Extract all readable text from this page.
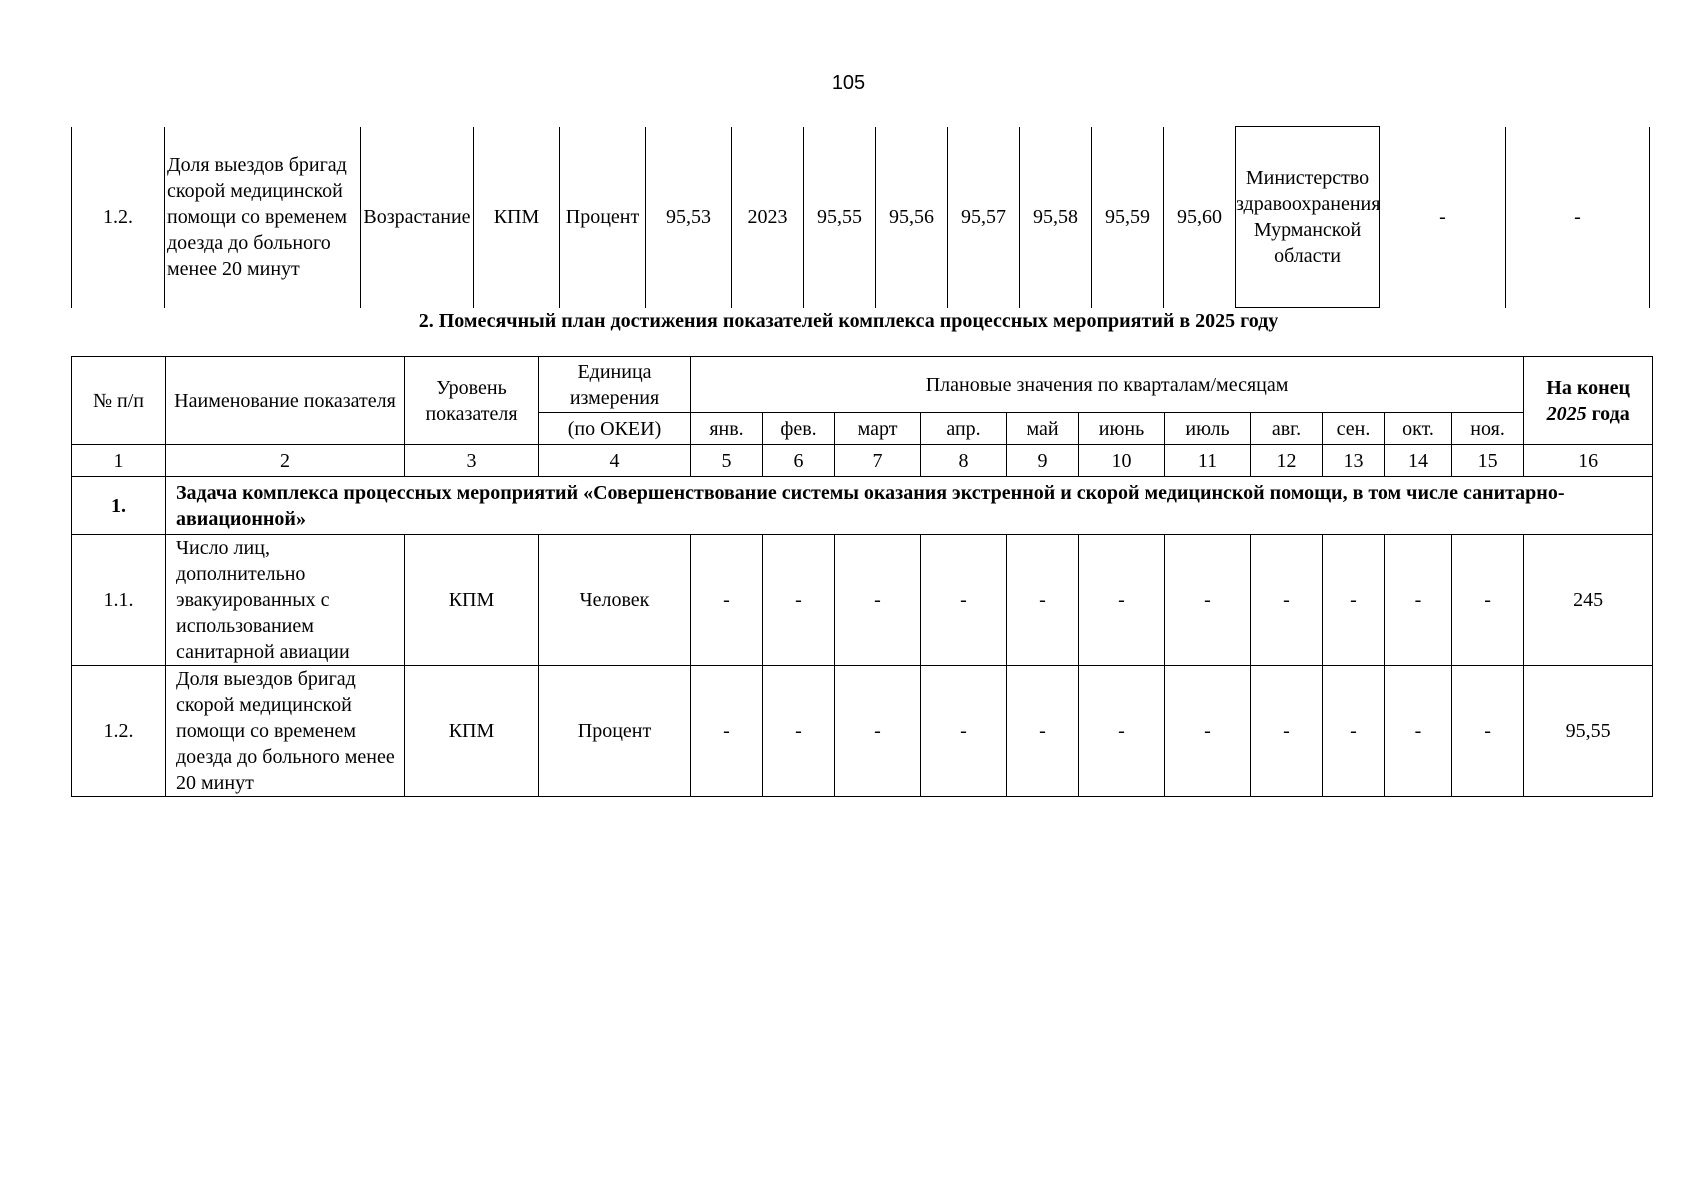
105
1.2.	Доля выездов бригад скорой медицинской помощи со временем доезда до больного менее 20 минут	Возрастание	КПМ	Процент	95,53	2023	95,55	95,56	95,57	95,58	95,59	95,60	Министерство здравоохранения Мурманской области	-	-
2. Помесячный план достижения показателей комплекса процессных мероприятий в 2025 году
№ п/п	Наименование показателя	Уровень показателя	Единица измерения	Плановые значения по кварталам/месяцам											На конец
2025 года
			(по ОКЕИ)	янв.	фев.	март	апр.	май	июнь	июль	авг.	сен.	окт.	ноя.	
1	2	3	4	5	6	7	8	9	10	11	12	13	14	15	16
1.	Задача комплекса процессных мероприятий «Совершенствование системы оказания экстренной и скорой медицинской помощи, в том числе санитарно-авиационной»														
1.1.	Число лиц, дополнительно эвакуированных с использованием санитарной авиации	КПМ	Человек	-	-	-	-	-	-	-	-	-	-	-	245
1.2.	Доля выездов бригад скорой медицинской помощи со временем доезда до больного менее 20 минут	КПМ	Процент	-	-	-	-	-	-	-	-	-	-	-	95,55
